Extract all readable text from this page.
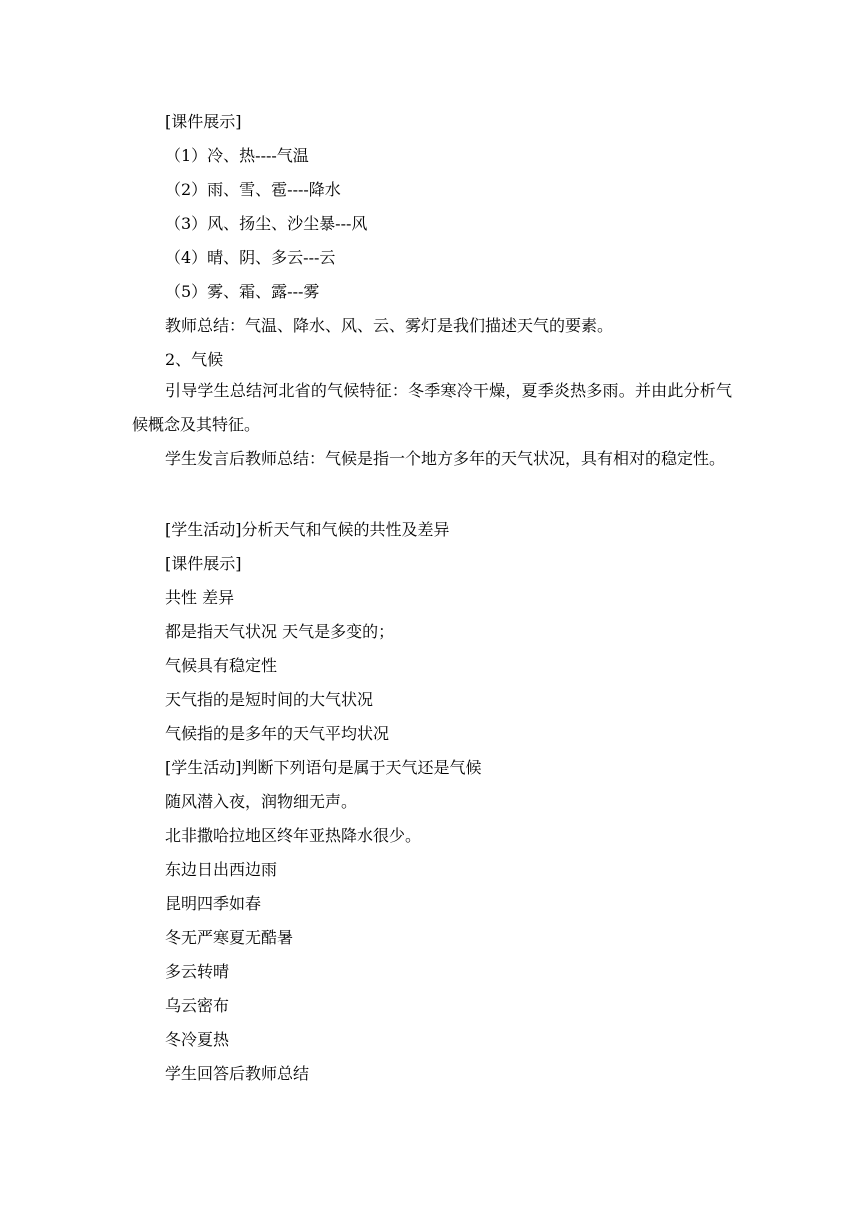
[课件展示]
（1）冷、热----气温
（2）雨、雪、雹----降水
（3）风、扬尘、沙尘暴---风
（4）晴、阴、多云---云
（5）雾、霜、露---雾
教师总结：气温、降水、风、云、雾灯是我们描述天气的要素。
2、气候
引导学生总结河北省的气候特征：冬季寒冷干燥，夏季炎热多雨。并由此分析气候概念及其特征。
学生发言后教师总结：气候是指一个地方多年的天气状况，具有相对的稳定性。
[学生活动]分析天气和气候的共性及差异
[课件展示]
共性 差异
都是指天气状况 天气是多变的；
气候具有稳定性
天气指的是短时间的大气状况
气候指的是多年的天气平均状况
[学生活动]判断下列语句是属于天气还是气候
随风潜入夜，润物细无声。
北非撒哈拉地区终年亚热降水很少。
东边日出西边雨
昆明四季如春
冬无严寒夏无酷暑
多云转晴
乌云密布
冬冷夏热
学生回答后教师总结
